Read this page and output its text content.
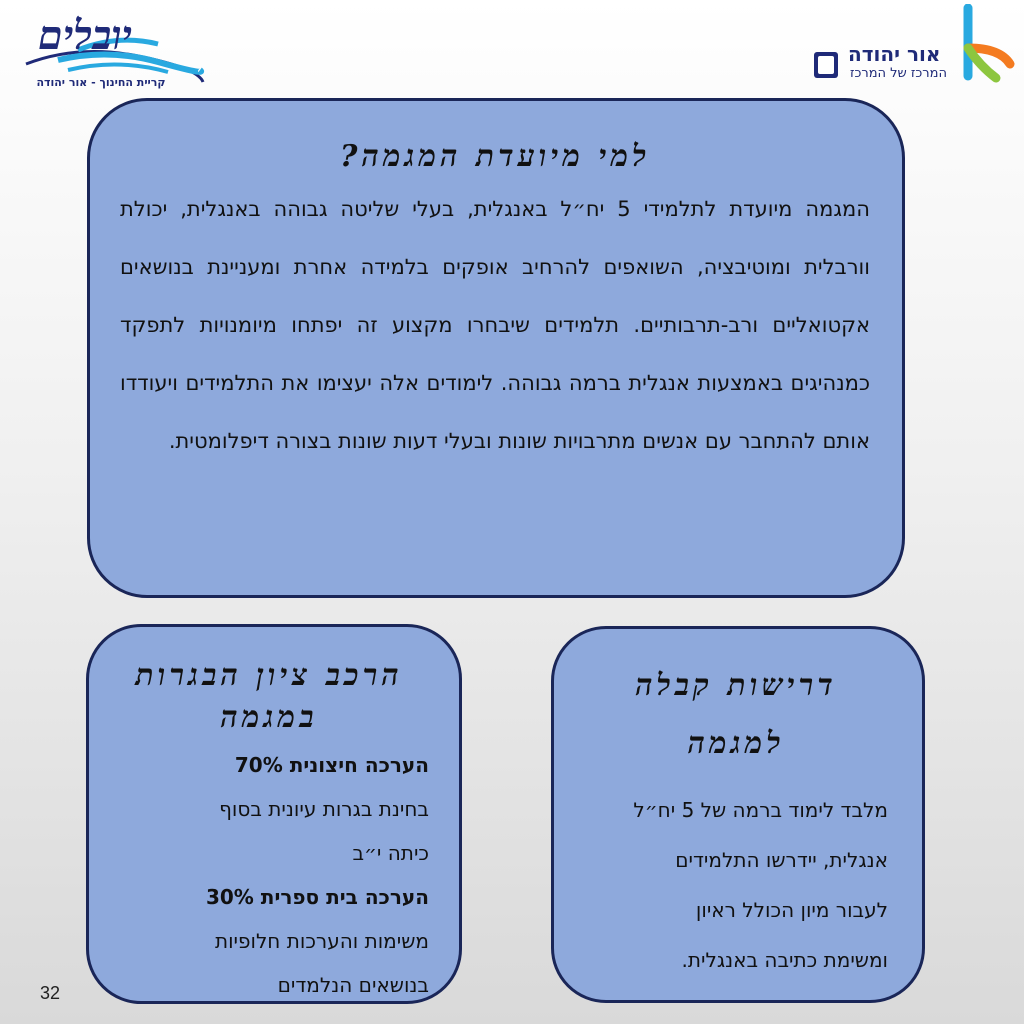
יובלים
קריית החינוך - אור יהודה
אור יהודה
המרכז של המרכז
למי מיועדת המגמה?
המגמה מיועדת לתלמידי 5 יח״ל באנגלית, בעלי שליטה גבוהה באנגלית, יכולת וורבלית ומוטיבציה, השואפים להרחיב אופקים בלמידה אחרת ומעניינת בנושאים אקטואליים ורב-תרבותיים. תלמידים שיבחרו מקצוע זה יפתחו מיומנויות לתפקד כמנהיגים באמצעות אנגלית ברמה גבוהה. לימודים אלה יעצימו את התלמידים ויעודדו אותם להתחבר עם אנשים מתרבויות שונות ובעלי דעות שונות בצורה דיפלומטית.
הרכב ציון הבגרות
במגמה
הערכה חיצונית 70%
בחינת בגרות עיונית בסוף
כיתה י״ב
הערכה בית ספרית 30%
משימות והערכות חלופיות
בנושאים הנלמדים
דרישות קבלה
למגמה
מלבד לימוד ברמה של 5 יח״ל
אנגלית, יידרשו התלמידים
לעבור מיון הכולל ראיון
ומשימת כתיבה באנגלית.
32
